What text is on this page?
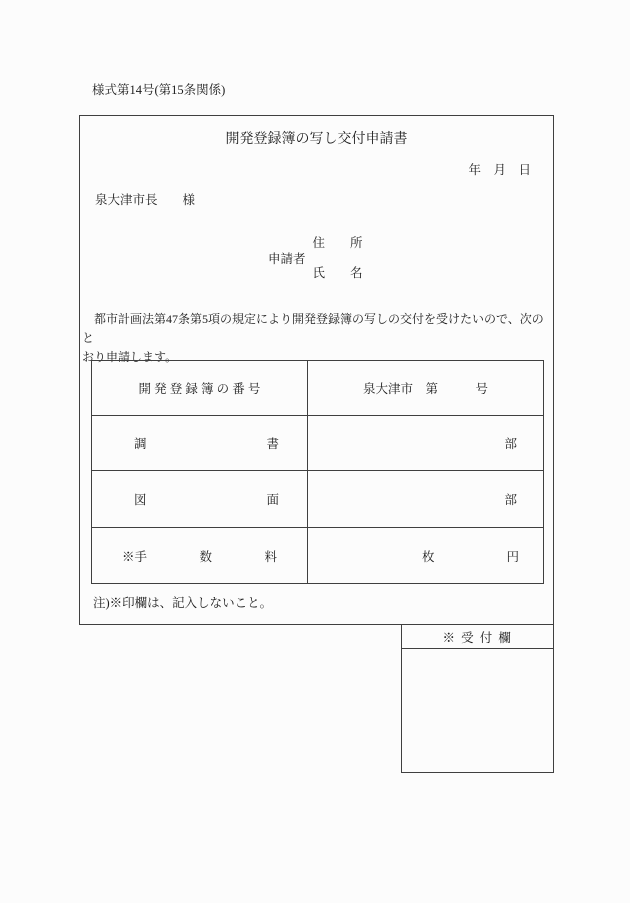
様式第14号(第15条関係)
開発登録簿の写し交付申請書
年　月　日
泉大津市長　　様
申請者
住　　所
氏　　名
　都市計画法第47条第5項の規定により開発登録簿の写しの交付を受けたいので、次のと
おり申請します。
開 発 登 録 簿 の 番 号	泉大津市　第　　　号

調 書	部

図 面	部

※手 数 料	枚 円
注)※印欄は、記入しないこと。
※ 受 付 欄
